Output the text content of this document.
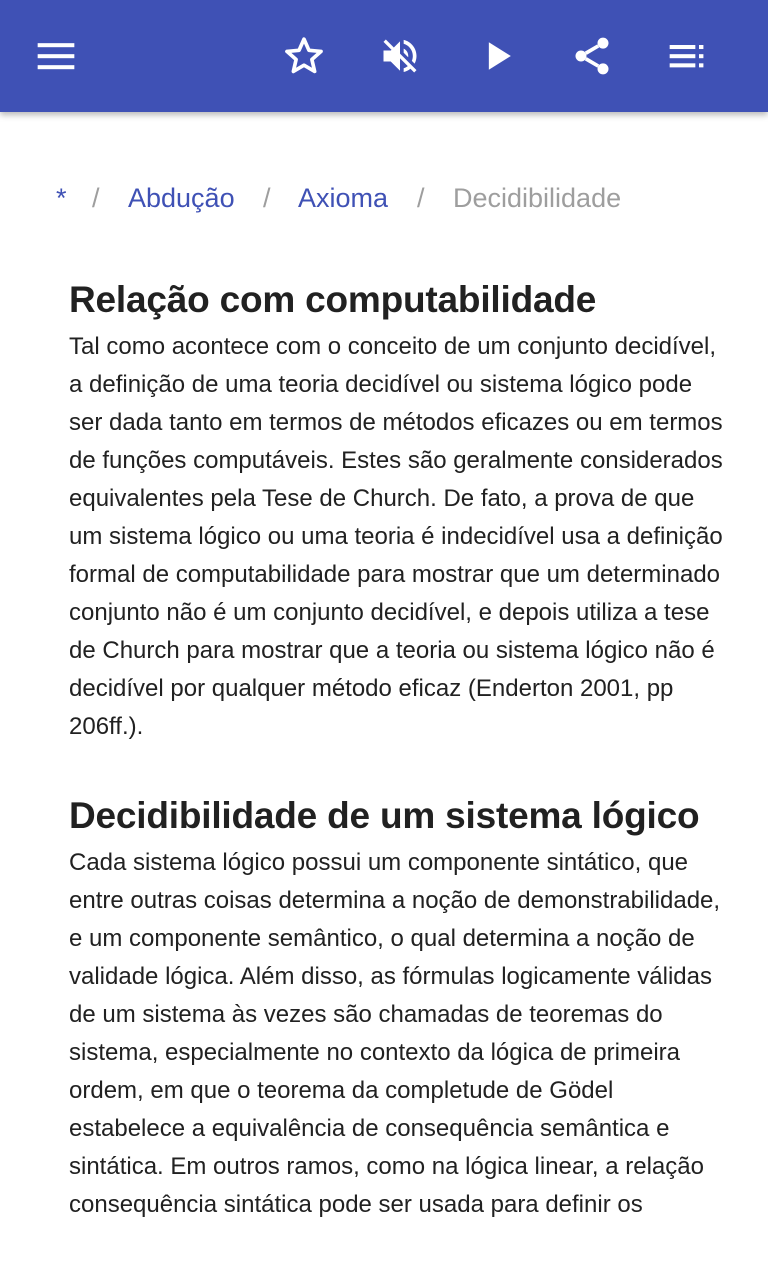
* / Abdução / Axioma / Decidibilidade
Relação com computabilidade

Tal como acontece com o conceito de um conjunto decidível, a definição de uma teoria decidível ou sistema lógico pode ser dada tanto em termos de métodos eficazes ou em termos de funções computáveis. Estes são geralmente considerados equivalentes pela Tese de Church. De fato, a prova de que um sistema lógico ou uma teoria é indecidível usa a definição formal de computabilidade para mostrar que um determinado conjunto não é um conjunto decidível, e depois utiliza a tese de Church para mostrar que a teoria ou sistema lógico não é decidível por qualquer método eficaz (Enderton 2001, pp 206ff.).

Decidibilidade de um sistema lógico

Cada sistema lógico possui um componente sintático, que entre outras coisas determina a noção de demonstrabilidade, e um componente semântico, o qual determina a noção de validade lógica. Além disso, as fórmulas logicamente válidas de um sistema às vezes são chamadas de teoremas do sistema, especialmente no contexto da lógica de primeira ordem, em que o teorema da completude de Gödel estabelece a equivalência de consequência semântica e sintática. Em outros ramos, como na lógica linear, a relação consequência sintática pode ser usada para definir os
